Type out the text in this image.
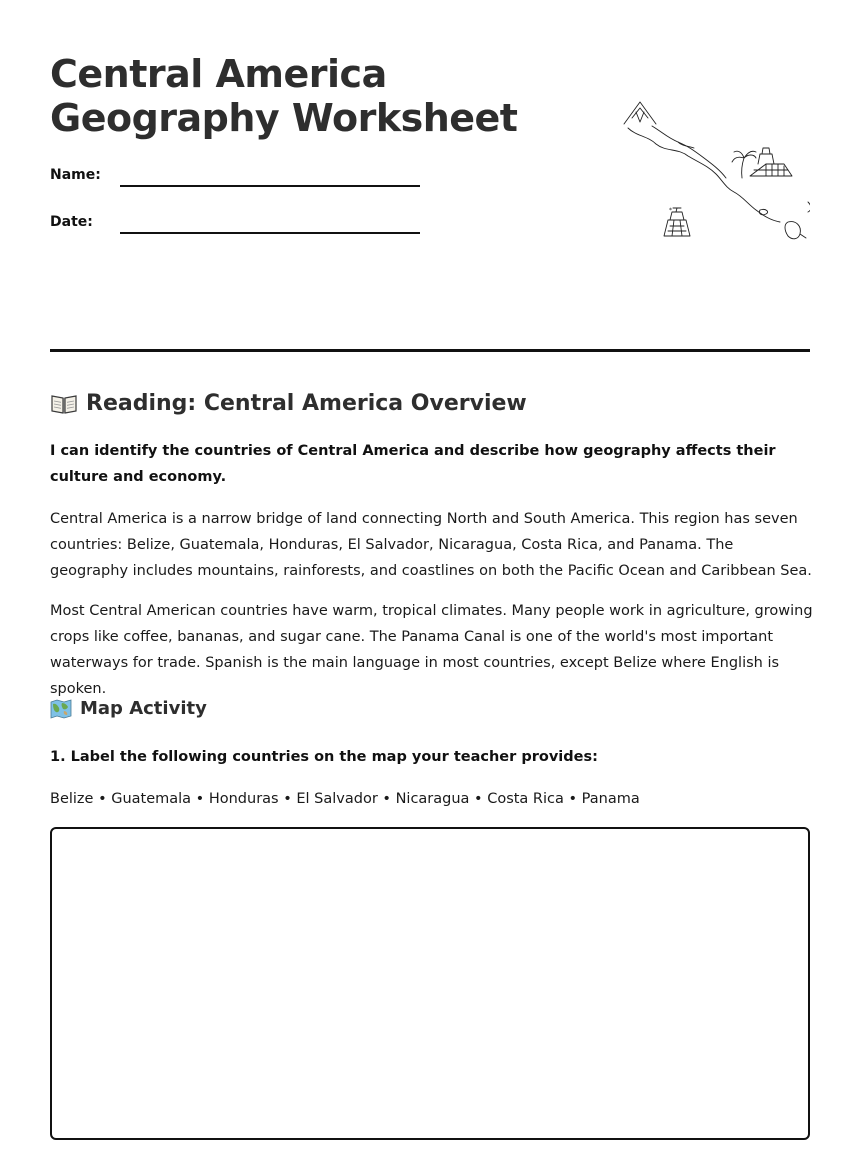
Central America Geography Worksheet
Name:
Date:
*
Reading: Central America Overview

I can identify the countries of Central America and describe how geography affects their culture and economy.

Central America is a narrow bridge of land connecting North and South America. This region has seven countries: Belize, Guatemala, Honduras, El Salvador, Nicaragua, Costa Rica, and Panama. The geography includes mountains, rainforests, and coastlines on both the Pacific Ocean and Caribbean Sea.

Most Central American countries have warm, tropical climates. Many people work in agriculture, growing crops like coffee, bananas, and sugar cane. The Panama Canal is one of the world's most important waterways for trade. Spanish is the main language in most countries, except Belize where English is spoken.

Map Activity

1. Label the following countries on the map your teacher provides:

Belize • Guatemala • Honduras • El Salvador • Nicaragua • Costa Rica • Panama
